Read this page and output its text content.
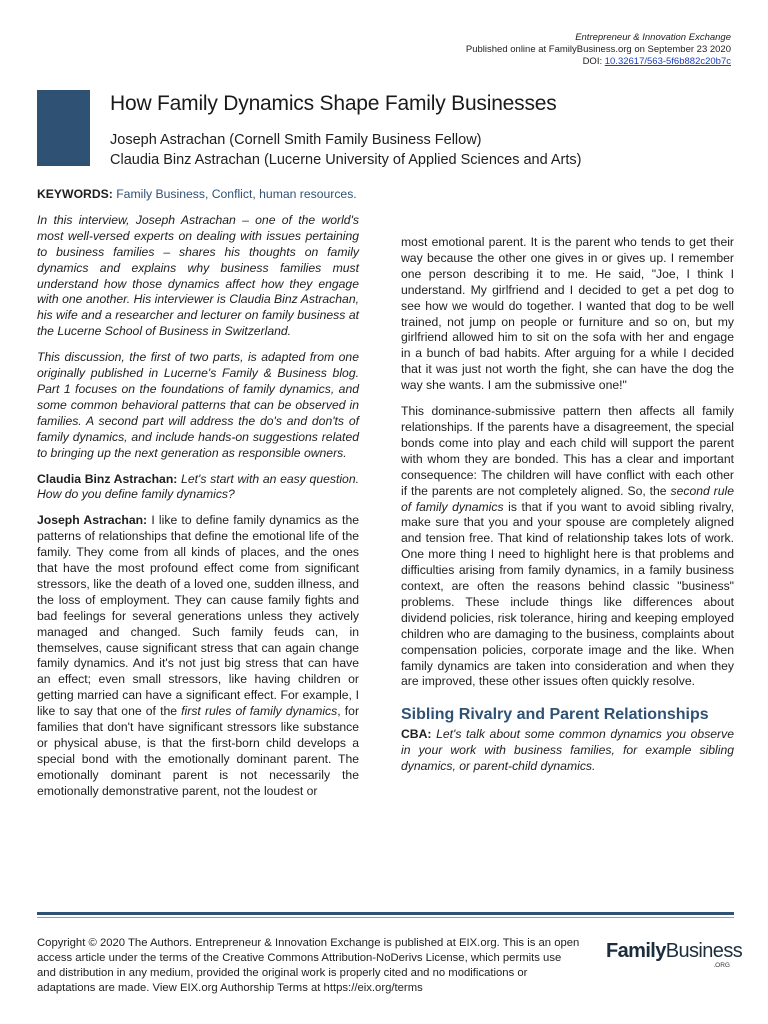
Entrepreneur & Innovation Exchange
Published online at FamilyBusiness.org on September 23 2020
DOI: 10.32617/563-5f6b882c20b7c
How Family Dynamics Shape Family Businesses
Joseph Astrachan (Cornell Smith Family Business Fellow)
Claudia Binz Astrachan (Lucerne University of Applied Sciences and Arts)

KEYWORDS: Family Business, Conflict, human resources.

In this interview, Joseph Astrachan – one of the world's most well-versed experts on dealing with issues pertaining to business families – shares his thoughts on family dynamics and explains why business families must understand how those dynamics affect how they engage with one another. His interviewer is Claudia Binz Astrachan, his wife and a researcher and lecturer on family business at the Lucerne School of Business in Switzerland.

This discussion, the first of two parts, is adapted from one originally published in Lucerne's Family & Business blog. Part 1 focuses on the foundations of family dynamics, and some common behavioral patterns that can be observed in families. A second part will address the do's and don'ts of family dynamics, and include hands-on suggestions related to bringing up the next generation as responsible owners.

Claudia Binz Astrachan: Let's start with an easy question. How do you define family dynamics?

Joseph Astrachan: I like to define family dynamics as the patterns of relationships that define the emotional life of the family. They come from all kinds of places, and the ones that have the most profound effect come from significant stressors, like the death of a loved one, sudden illness, and the loss of employment. They can cause family fights and bad feelings for several generations unless they actively managed and changed. Such family feuds can, in themselves, cause significant stress that can again change family dynamics. And it's not just big stress that can have an effect; even small stressors, like having children or getting married can have a significant effect. For example, I like to say that one of the first rules of family dynamics, for families that don't have significant stressors like substance or physical abuse, is that the first-born child develops a special bond with the emotionally dominant parent. The emotionally dominant parent is not necessarily the emotionally demonstrative parent, not the loudest or

most emotional parent. It is the parent who tends to get their way because the other one gives in or gives up. I remember one person describing it to me. He said, "Joe, I think I understand. My girlfriend and I decided to get a pet dog to see how we would do together. I wanted that dog to be well trained, not jump on people or furniture and so on, but my girlfriend allowed him to sit on the sofa with her and engage in a bunch of bad habits. After arguing for a while I decided that it was just not worth the fight, she can have the dog the way she wants. I am the submissive one!"

This dominance-submissive pattern then affects all family relationships. If the parents have a disagreement, the special bonds come into play and each child will support the parent with whom they are bonded. This has a clear and important consequence: The children will have conflict with each other if the parents are not completely aligned. So, the second rule of family dynamics is that if you want to avoid sibling rivalry, make sure that you and your spouse are completely aligned and tension free. That kind of relationship takes lots of work. One more thing I need to highlight here is that problems and difficulties arising from family dynamics, in a family business context, are often the reasons behind classic "business" problems. These include things like differences about dividend policies, risk tolerance, hiring and keeping employed children who are damaging to the business, complaints about compensation policies, corporate image and the like. When family dynamics are taken into consideration and when they are improved, these other issues often quickly resolve.

Sibling Rivalry and Parent Relationships

CBA: Let's talk about some common dynamics you observe in your work with business families, for example sibling dynamics, or parent-child dynamics.

Copyright © 2020 The Authors. Entrepreneur & Innovation Exchange is published at EIX.org. This is an open access article under the terms of the Creative Commons Attribution-NoDerivs License, which permits use and distribution in any medium, provided the original work is properly cited and no modifications or adaptations are made. View EIX.org Authorship Terms at https://eix.org/terms
FamilyBusiness
.ORG
